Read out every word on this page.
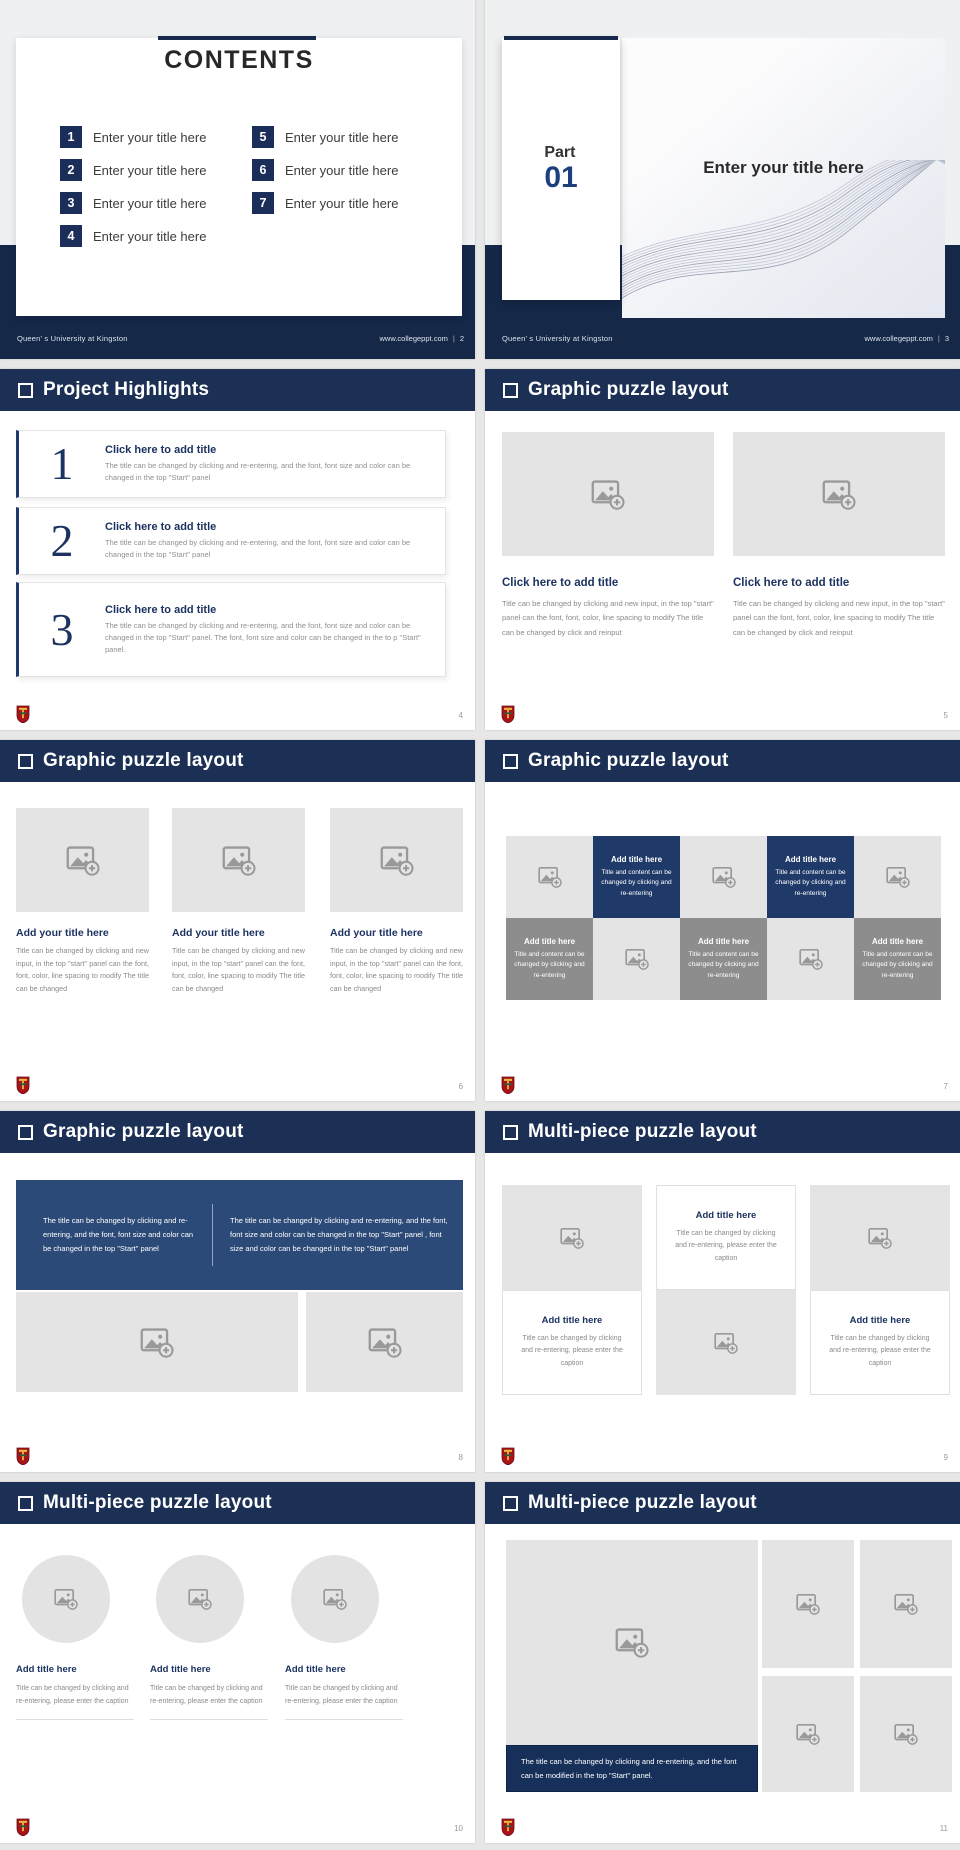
CONTENTS
1	Enter your title here
2	Enter your title here
3	Enter your title here
4	Enter your title here
5	Enter your title here
6	Enter your title here
7	Enter your title here
Queen' s University at Kingston	www.collegeppt.com | 2
Enter your title here
Part
01
Queen' s University at Kingston	www.collegeppt.com | 3
Project Highlights
1	Click here to add title
The title can be changed by clicking and re-entering, and the font, font size and color can be changed in the top "Start" panel
2	Click here to add title
The title can be changed by clicking and re-entering, and the font, font size and color can be changed in the top "Start" panel
3	Click here to add title
The title can be changed by clicking and re-entering, and the font, font size and color can be changed in the top "Start" panel. The font, font size and color can be changed in the to p "Start" panel.
4
Graphic puzzle layout
Click here to add title
Title can be changed by clicking and new input, in the top "start" panel can the font, font, color, line spacing to modify The title can be changed by click and reinput
Click here to add title
Title can be changed by clicking and new input, in the top "start" panel can the font, font, color, line spacing to modify The title can be changed by click and reinput
5
Graphic puzzle layout
Add your title here
Title can be changed by clicking and new input, in the top "start" panel can the font, font, color, line spacing to modify The title can be changed
Add your title here
Title can be changed by clicking and new input, in the top "start" panel can the font, font, color, line spacing to modify The title can be changed
Add your title here
Title can be changed by clicking and new input, in the top "start" panel can the font, font, color, line spacing to modify The title can be changed
6
Graphic puzzle layout
Add title here
Title and content can be changed by clicking and re-entering
Add title here
Title and content can be changed by clicking and re-entering
Add title here
Title and content can be changed by clicking and re-entering
Add title here
Title and content can be changed by clicking and re-entering
Add title here
Title and content can be changed by clicking and re-entering
7
Graphic puzzle layout
The title can be changed by clicking and re-entering, and the font, font size and color can be changed in the top "Start" panel
The title can be changed by clicking and re-entering, and the font, font size and color can be changed in the top "Start" panel , font size and color can be changed in the top "Start" panel
8
Multi-piece puzzle layout
Add title here
Title can be changed by clicking and re-entering, please enter the caption
Add title here
Title can be changed by clicking and re-entering, please enter the caption
Add title here
Title can be changed by clicking and re-entering, please enter the caption
9
Multi-piece puzzle layout
Add title here
Title can be changed by clicking and re-entering, please enter the caption
Add title here
Title can be changed by clicking and re-entering, please enter the caption
Add title here
Title can be changed by clicking and re-entering, please enter the caption
10
Multi-piece puzzle layout
The title can be changed by clicking and re-entering, and the font can be modified in the top "Start" panel.
11
